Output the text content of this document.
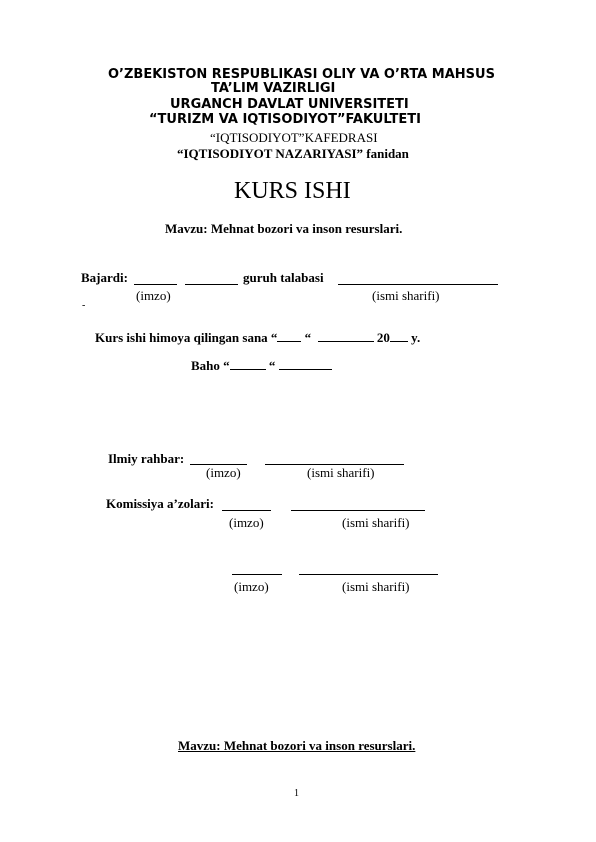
O’ZBEKISTON RESPUBLIKASI OLIY VA O’RTA MAHSUS
TA’LIM VAZIRLIGI
URGANCH DAVLAT UNIVERSITETI
“TURIZM VA IQTISODIYOT”FAKULTETI
“IQTISODIYOT”KAFEDRASI
“IQTISODIYOT NAZARIYASI” fanidan
KURS ISHI
Mavzu: Mehnat bozori va inson resurslari.
Bajardi:	guruh talabasi
(imzo)	(ismi sharifi)
-
Kurs ishi himoya qilingan sana “ “	20 y.
Baho “	“
Ilmiy rahbar:
(imzo)	(ismi sharifi)
Komissiya a’zolari:
(imzo)	(ismi sharifi)
(imzo)	(ismi sharifi)
Mavzu: Mehnat bozori va inson resurslari.
1
